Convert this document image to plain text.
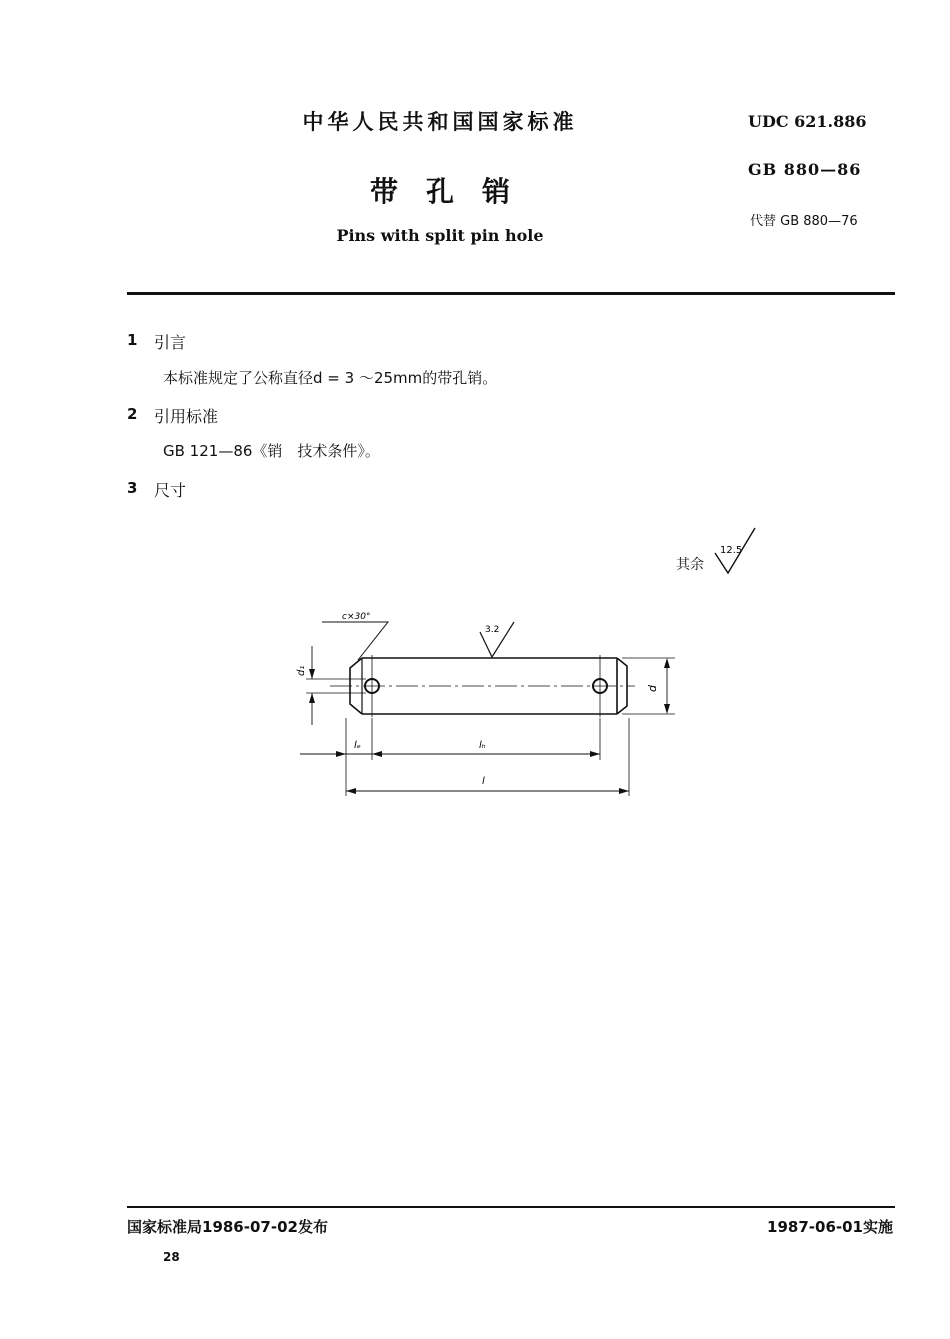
中华人民共和国国家标准
带　孔　销
Pins with split pin hole
UDC 621.886
GB 880—86
代替 GB 880—76
1 引言
本标准规定了公称直径d = 3 ～25mm的带孔销。
2 引用标准
GB 121—86《销　技术条件》。
3 尺寸
其余
12.5
c×30°
3.2
d
d₁
lₑ	lₕ
l
国家标准局1986-07-02发布	1987-06-01实施
28
